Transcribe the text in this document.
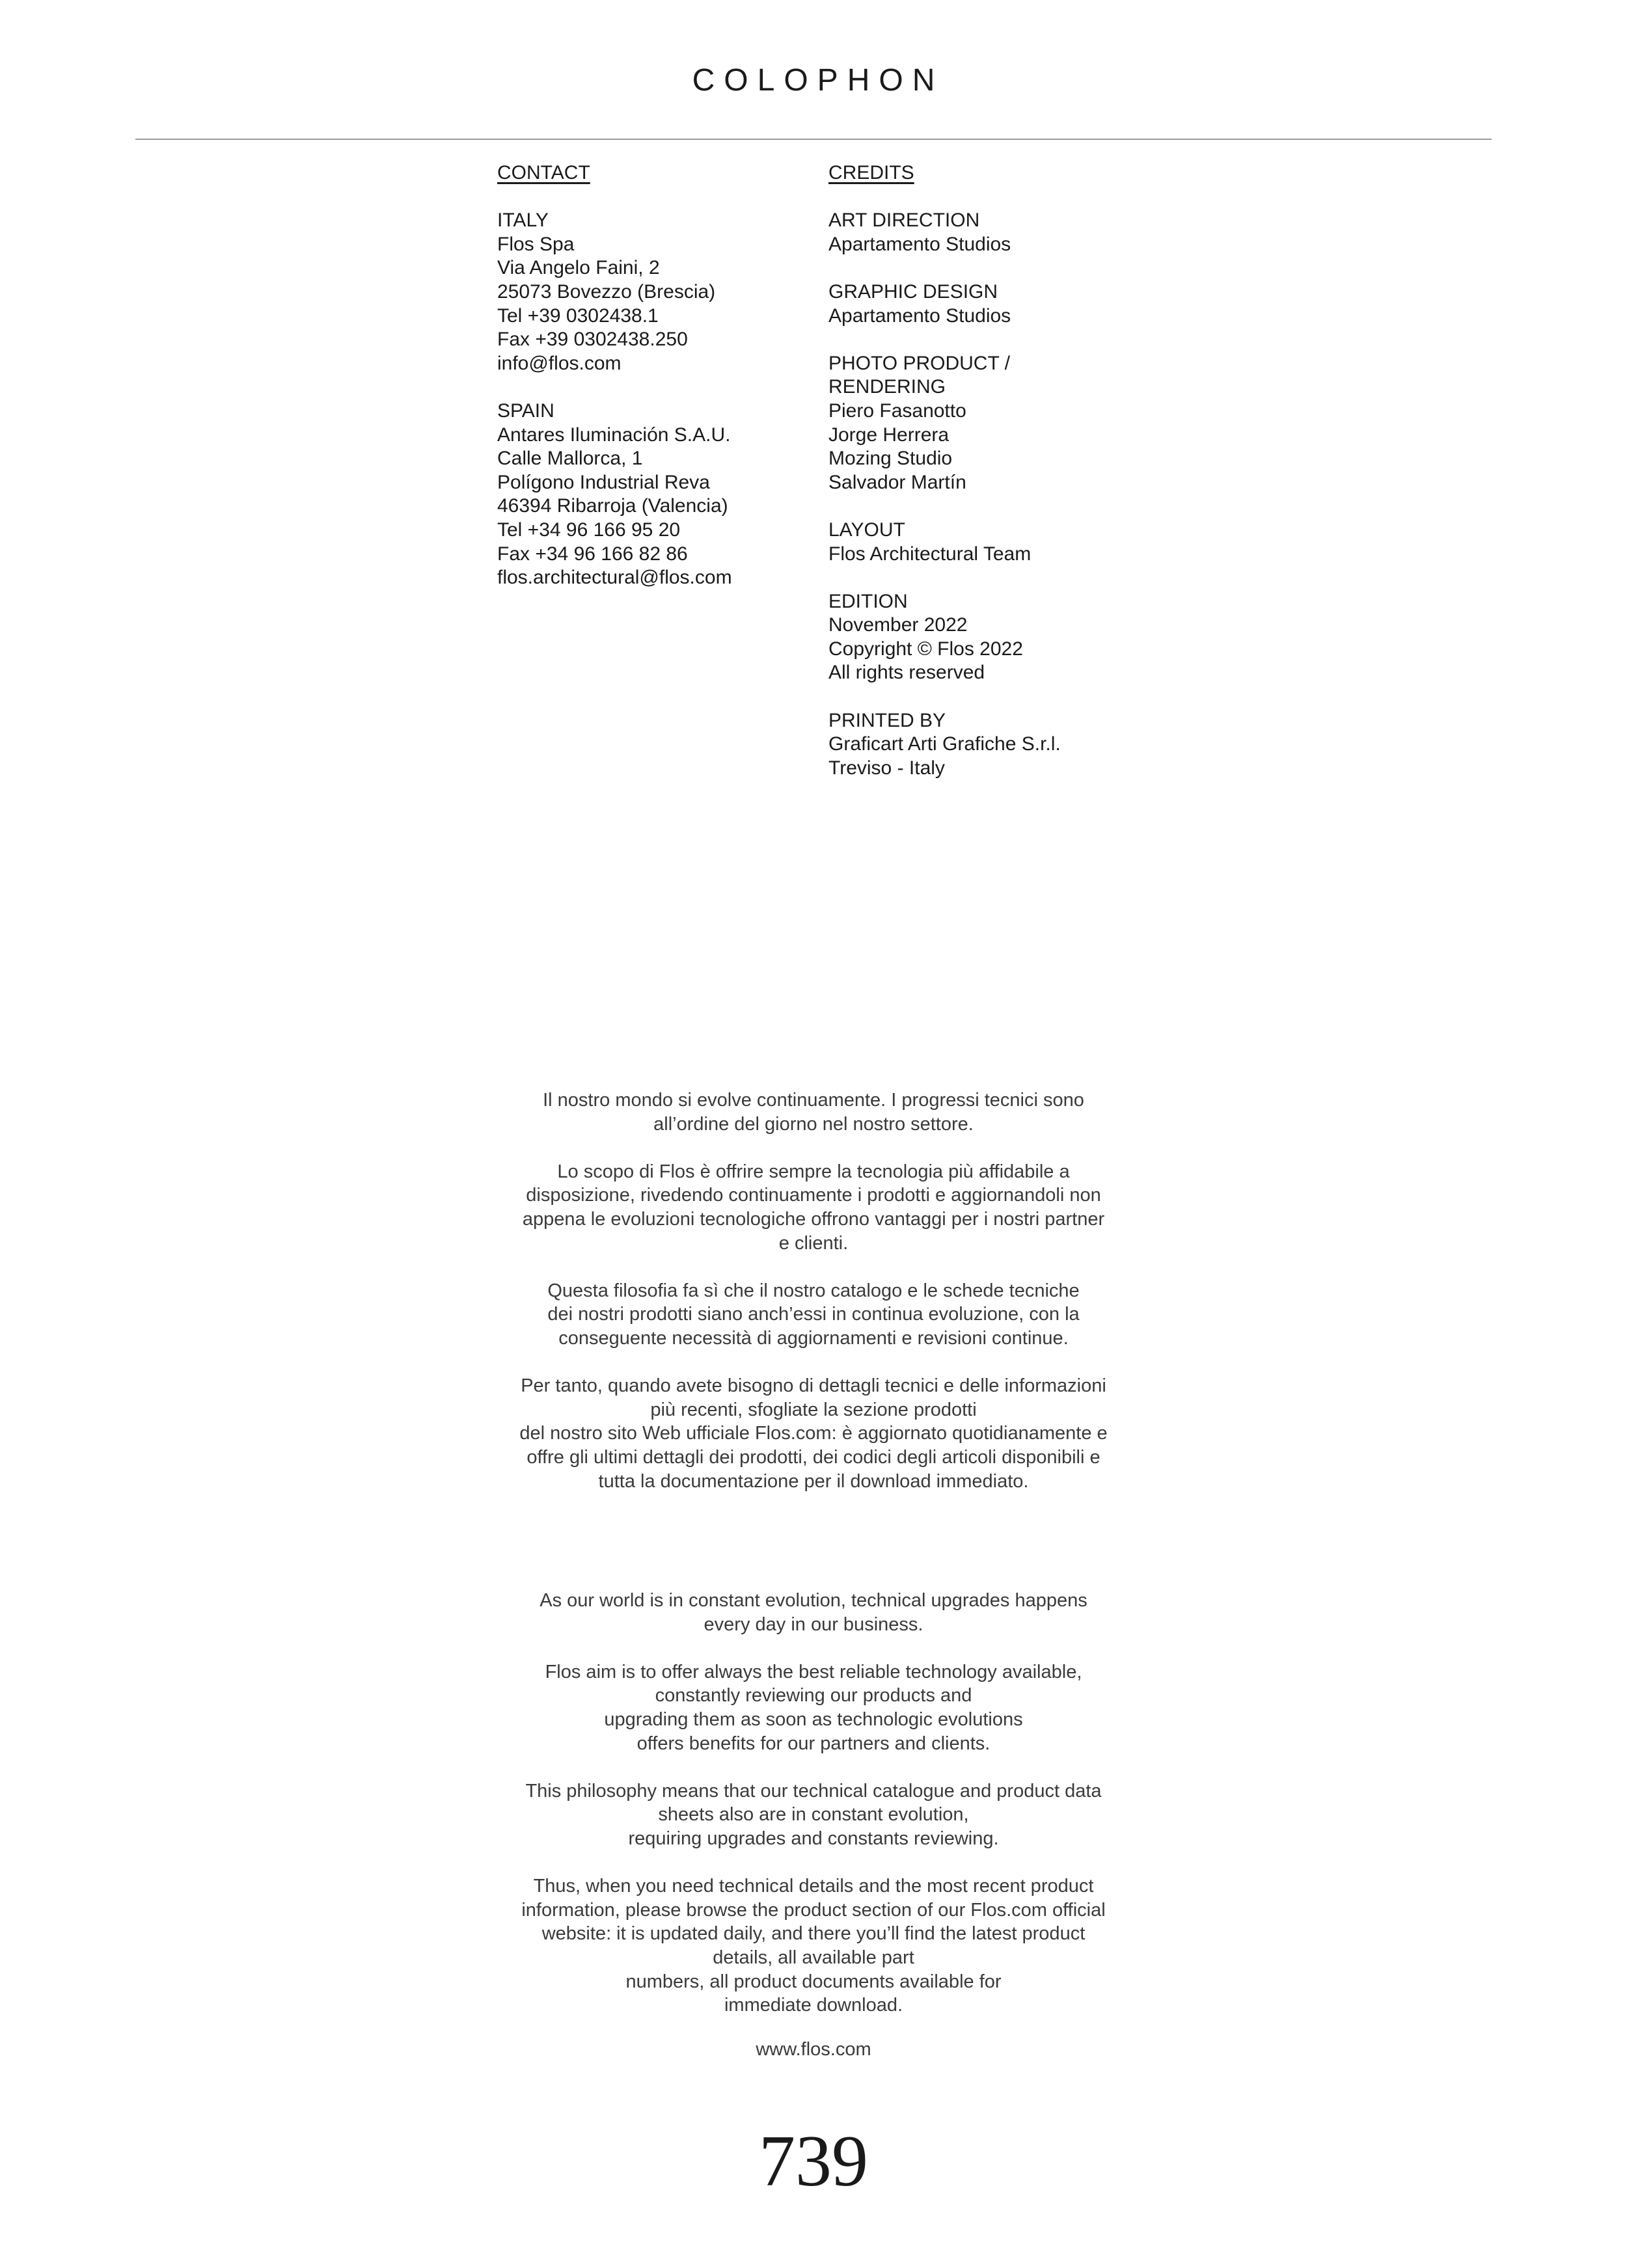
COLOPHON
CONTACT
ITALY
Flos Spa
Via Angelo Faini, 2
25073 Bovezzo (Brescia)
Tel +39 0302438.1
Fax +39 0302438.250
info@flos.com
SPAIN
Antares Iluminación S.A.U.
Calle Mallorca, 1
Polígono Industrial Reva
46394 Ribarroja (Valencia)
Tel +34 96 166 95 20
Fax +34 96 166 82 86
flos.architectural@flos.com
CREDITS
ART DIRECTION
Apartamento Studios
GRAPHIC DESIGN
Apartamento Studios
PHOTO PRODUCT /
RENDERING
Piero Fasanotto
Jorge Herrera
Mozing Studio
Salvador Martín
LAYOUT
Flos Architectural Team
EDITION
November 2022
Copyright © Flos 2022
All rights reserved
PRINTED BY
Graficart Arti Grafiche S.r.l.
Treviso - Italy

Il nostro mondo si evolve continuamente. I progressi tecnici sono
all’ordine del giorno nel nostro settore.

Lo scopo di Flos è offrire sempre la tecnologia più affidabile a
disposizione, rivedendo continuamente i prodotti e aggiornandoli non
appena le evoluzioni tecnologiche offrono vantaggi per i nostri partner
e clienti.

Questa filosofia fa sì che il nostro catalogo e le schede tecniche
dei nostri prodotti siano anch’essi in continua evoluzione, con la
conseguente necessità di aggiornamenti e revisioni continue.

Per tanto, quando avete bisogno di dettagli tecnici e delle informazioni
più recenti, sfogliate la sezione prodotti
del nostro sito Web ufficiale Flos.com: è aggiornato quotidianamente e
offre gli ultimi dettagli dei prodotti, dei codici degli articoli disponibili e
tutta la documentazione per il download immediato.

As our world is in constant evolution, technical upgrades happens
every day in our business.

Flos aim is to offer always the best reliable technology available,
constantly reviewing our products and
upgrading them as soon as technologic evolutions
offers benefits for our partners and clients.

This philosophy means that our technical catalogue and product data
sheets also are in constant evolution,
requiring upgrades and constants reviewing.

Thus, when you need technical details and the most recent product
information, please browse the product section of our Flos.com official
website: it is updated daily, and there you’ll find the latest product
details, all available part
numbers, all product documents available for
immediate download.

www.flos.com
739
